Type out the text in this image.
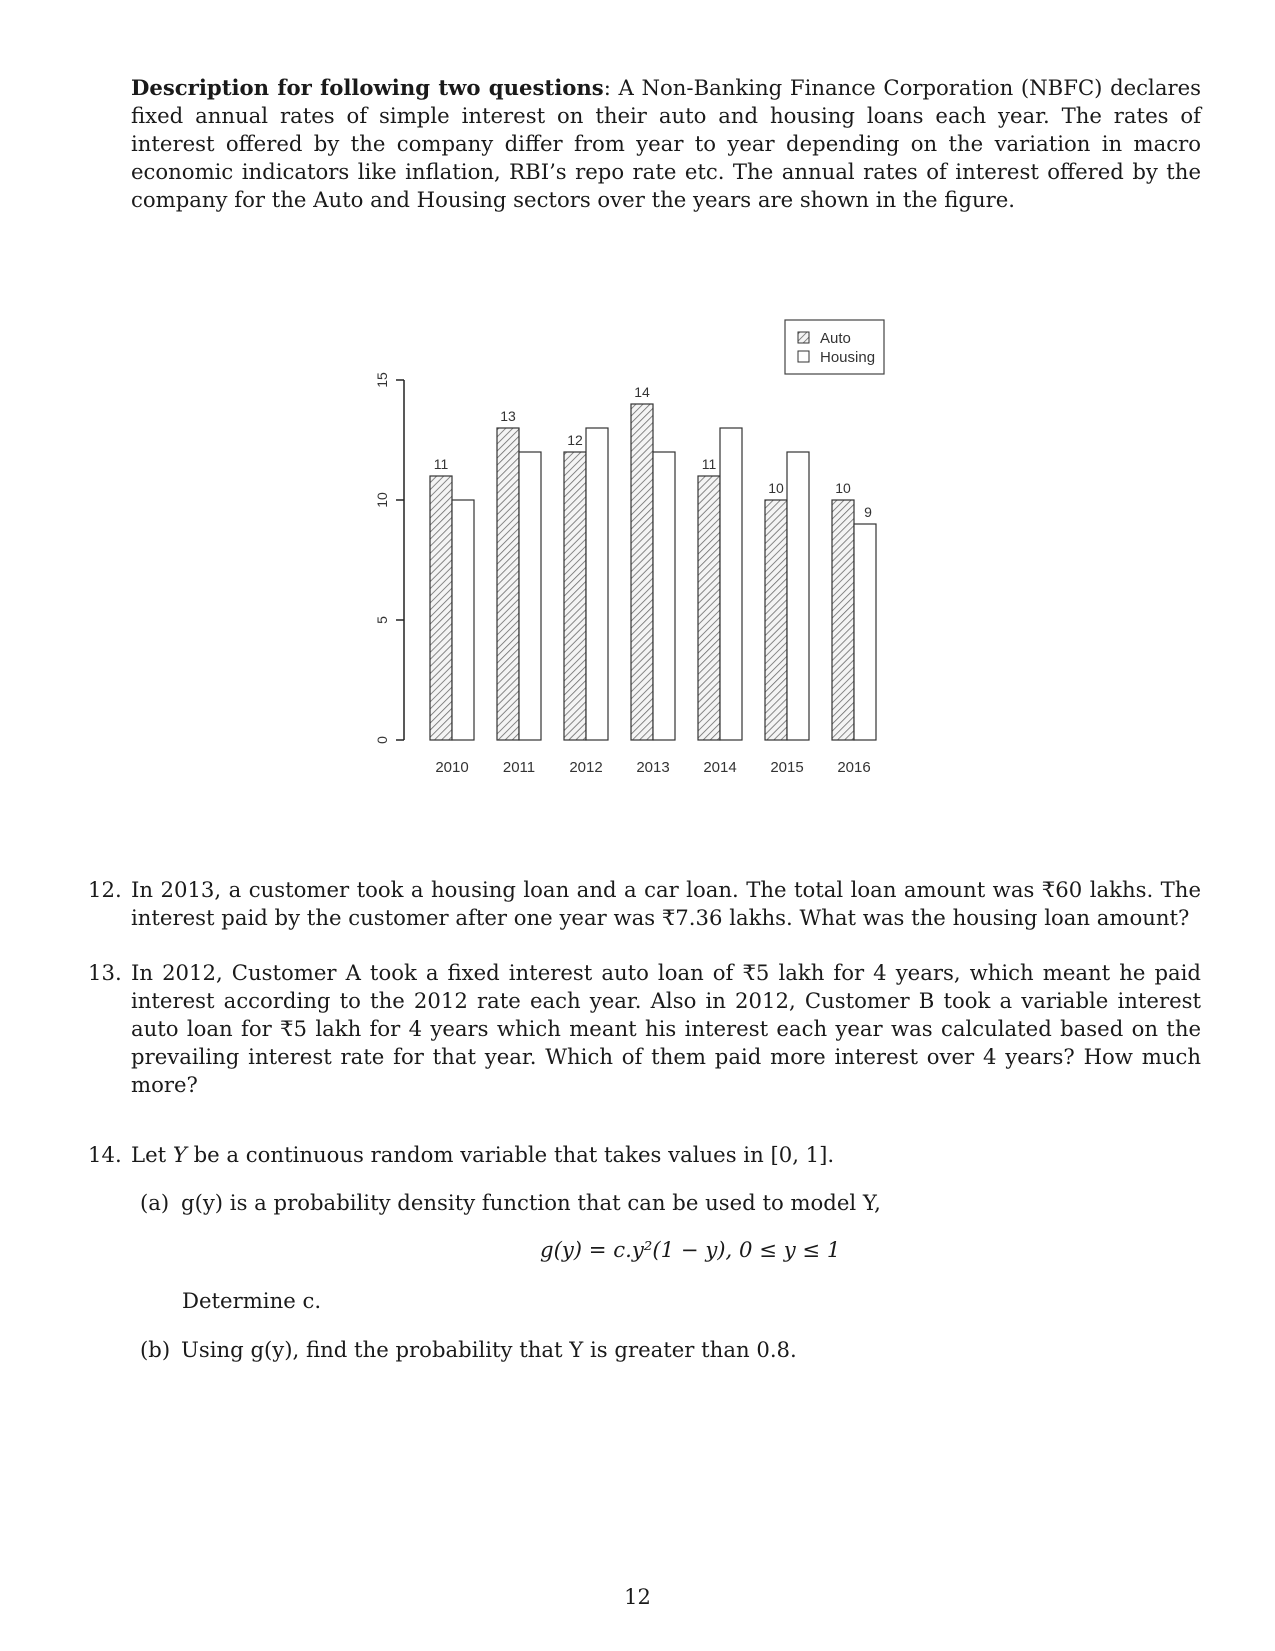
Description for following two questions: A Non-Banking Finance Corporation (NBFC) declares fixed annual rates of simple interest on their auto and housing loans each year. The rates of interest offered by the company differ from year to year depending on the variation in macro economic indicators like inflation, RBI’s repo rate etc. The annual rates of interest offered by the company for the Auto and Housing sectors over the years are shown in the figure.
0
5
10
15
11
13
12
14
11
10	10
9
2010 2011 2012 2013 2014 2015 2016
Auto
Housing
12. In 2013, a customer took a housing loan and a car loan. The total loan amount was ₹60 lakhs. The interest paid by the customer after one year was ₹7.36 lakhs. What was the housing loan amount?
13. In 2012, Customer A took a fixed interest auto loan of ₹5 lakh for 4 years, which meant he paid interest according to the 2012 rate each year. Also in 2012, Customer B took a variable interest auto loan for ₹5 lakh for 4 years which meant his interest each year was calculated based on the prevailing interest rate for that year. Which of them paid more interest over 4 years? How much more?
14. Let Y be a continuous random variable that takes values in [0, 1].
(a) g(y) is a probability density function that can be used to model Y,
g(y) = c.y²(1 − y), 0 ≤ y ≤ 1
Determine c.
(b) Using g(y), find the probability that Y is greater than 0.8.
12
